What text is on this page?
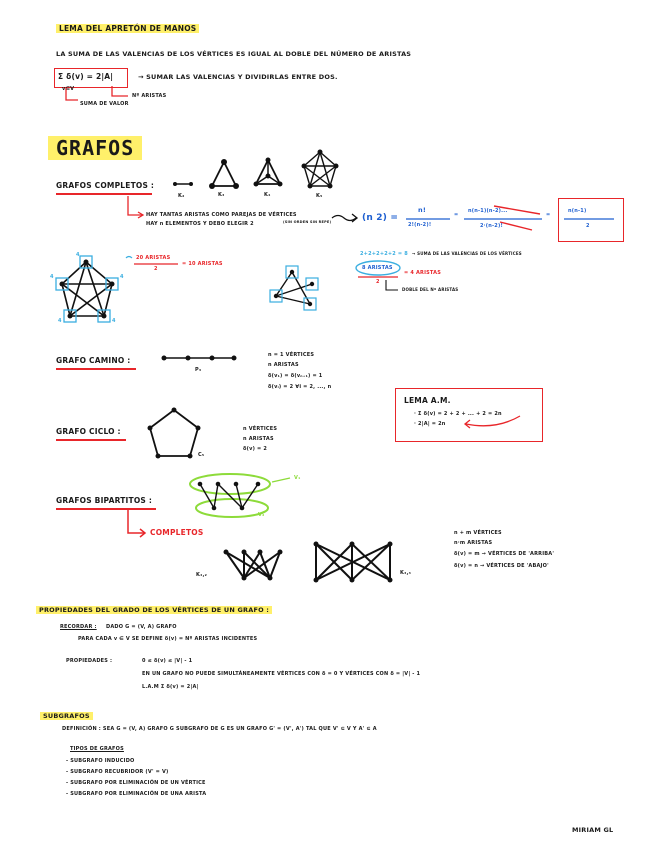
LEMA DEL APRETÓN DE MANOS
LA SUMA DE LAS VALENCIAS DE LOS VÉRTICES ES IGUAL AL DOBLE DEL NÚMERO DE ARISTAS
Σ δ(v) = 2|A|
v∈V
→ SUMAR LAS VALENCIAS Y DIVIDIRLAS ENTRE DOS.
SUMA DE VALOR
Nº ARISTAS
GRAFOS
GRAFOS COMPLETOS :
K₂	K₃	K₄	K₅
HAY TANTAS ARISTAS COMO PAREJAS DE VÉRTICES
HAY n ELEMENTOS Y DEBO ELEGIR 2	(SIN ORDEN SIN REPE)	(n 2) =
n!
2!(n-2)!
=
n(n-1)(n-2)...
2·(n-2)!
=
n(n-1)
2
4
4
4
4
4
20 ARISTAS
2
= 10 ARISTAS
2+2+2+2+2 = 8 → SUMA DE LAS VALENCIAS DE LOS VÉRTICES
8 ARISTAS
2
= 4 ARISTAS
DOBLE DEL Nº ARISTAS
GRAFO CAMINO :
P₃
n = 1 VÉRTICES
n ARISTAS
δ(v₁) = δ(vₙ₊₁) = 1
δ(vᵢ) = 2 ∀i = 2, ..., n
LEMA A.M.
· Σ δ(v) = 2 + 2 + ... + 2 = 2n
· 2|A| = 2n
GRAFO CICLO :
C₅
n VÉRTICES
n ARISTAS
δ(v) = 2
GRAFOS BIPARTITOS :
V₁
V₂
COMPLETOS
K₄,₂	K₃,₃
n + m VÉRTICES
n·m ARISTAS
δ(v) = m → VÉRTICES DE 'ARRIBA'
δ(v) = n → VÉRTICES DE 'ABAJO'
PROPIEDADES DEL GRADO DE LOS VÉRTICES DE UN GRAFO :
RECORDAR : DADO G = (V, A) GRAFO
PARA CADA v ∈ V SE DEFINE δ(v) = Nº ARISTAS INCIDENTES
PROPIEDADES :	0 ≤ δ(v) ≤ |V| - 1
EN UN GRAFO NO PUEDE SIMULTÁNEAMENTE VÉRTICES CON δ = 0 Y VÉRTICES CON δ = |V| - 1
L.A.M Σ δ(v) = 2|A|
SUBGRAFOS
DEFINICIÓN : SEA G = (V, A) GRAFO G SUBGRAFO DE G ES UN GRAFO G' = (V', A') TAL QUE V' ⊆ V Y A' ⊆ A
TIPOS DE GRAFOS
- SUBGRAFO INDUCIDO
- SUBGRAFO RECUBRIDOR (V' = V)
- SUBGRAFO POR ELIMINACIÓN DE UN VÉRTICE
- SUBGRAFO POR ELIMINACIÓN DE UNA ARISTA
MIRIAM GL
